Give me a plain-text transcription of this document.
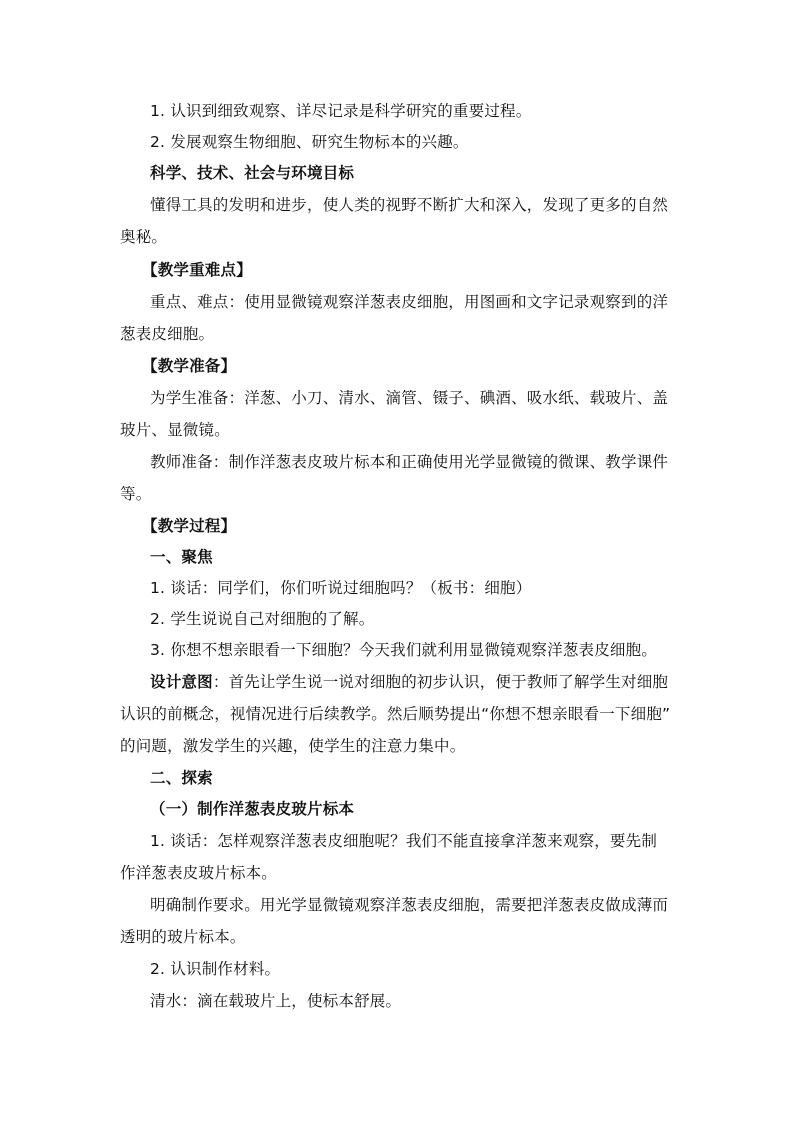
1. 认识到细致观察、详尽记录是科学研究的重要过程。
2. 发展观察生物细胞、研究生物标本的兴趣。
科学、技术、社会与环境目标
懂得工具的发明和进步，使人类的视野不断扩大和深入，发现了更多的自然
奥秘。
【教学重难点】
重点、难点：使用显微镜观察洋葱表皮细胞，用图画和文字记录观察到的洋
葱表皮细胞。
【教学准备】
为学生准备：洋葱、小刀、清水、滴管、镊子、碘酒、吸水纸、载玻片、盖
玻片、显微镜。
教师准备：制作洋葱表皮玻片标本和正确使用光学显微镜的微课、教学课件
等。
【教学过程】
一、聚焦
1. 谈话：同学们，你们听说过细胞吗？（板书：细胞）
2. 学生说说自己对细胞的了解。
3. 你想不想亲眼看一下细胞？今天我们就利用显微镜观察洋葱表皮细胞。
设计意图：首先让学生说一说对细胞的初步认识，便于教师了解学生对细胞
认识的前概念，视情况进行后续教学。然后顺势提出“你想不想亲眼看一下细胞”
的问题，激发学生的兴趣，使学生的注意力集中。
二、探索
（一）制作洋葱表皮玻片标本
1. 谈话：怎样观察洋葱表皮细胞呢？我们不能直接拿洋葱来观察，要先制
作洋葱表皮玻片标本。
明确制作要求。用光学显微镜观察洋葱表皮细胞，需要把洋葱表皮做成薄而
透明的玻片标本。
2. 认识制作材料。
清水：滴在载玻片上，使标本舒展。
